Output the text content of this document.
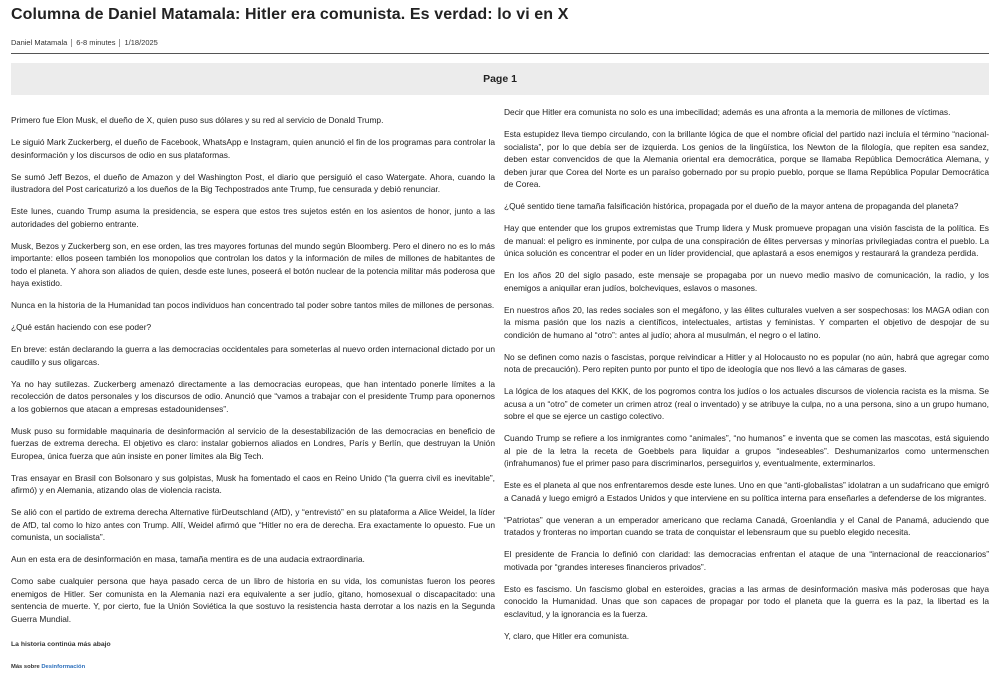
Columna de Daniel Matamala: Hitler era comunista. Es verdad: lo vi en X
Daniel Matamala 6-8 minutes 1/18/2025
Page 1

Primero fue Elon Musk, el dueño de X, quien puso sus dólares y su red al servicio de Donald Trump.

Le siguió Mark Zuckerberg, el dueño de Facebook, WhatsApp e Instagram, quien anunció el fin de los programas para controlar la desinformación y los discursos de odio en sus plataformas.

Se sumó Jeff Bezos, el dueño de Amazon y del Washington Post, el diario que persiguió el caso Watergate. Ahora, cuando la ilustradora del Post caricaturizó a los dueños de la Big Techpostrados ante Trump, fue censurada y debió renunciar.

Este lunes, cuando Trump asuma la presidencia, se espera que estos tres sujetos estén en los asientos de honor, junto a las autoridades del gobierno entrante.

Musk, Bezos y Zuckerberg son, en ese orden, las tres mayores fortunas del mundo según Bloomberg. Pero el dinero no es lo más importante: ellos poseen también los monopolios que controlan los datos y la información de miles de millones de habitantes de todo el planeta. Y ahora son aliados de quien, desde este lunes, poseerá el botón nuclear de la potencia militar más poderosa que haya existido.

Nunca en la historia de la Humanidad tan pocos individuos han concentrado tal poder sobre tantos miles de millones de personas.

¿Qué están haciendo con ese poder?

En breve: están declarando la guerra a las democracias occidentales para someterlas al nuevo orden internacional dictado por un caudillo y sus oligarcas.

Ya no hay sutilezas. Zuckerberg amenazó directamente a las democracias europeas, que han intentado ponerle límites a la recolección de datos personales y los discursos de odio. Anunció que “vamos a trabajar con el presidente Trump para oponernos a los gobiernos que atacan a empresas estadounidenses”.

Musk puso su formidable maquinaria de desinformación al servicio de la desestabilización de las democracias en beneficio de fuerzas de extrema derecha. El objetivo es claro: instalar gobiernos aliados en Londres, París y Berlín, que destruyan la Unión Europea, única fuerza que aún insiste en poner límites ala Big Tech.

Tras ensayar en Brasil con Bolsonaro y sus golpistas, Musk ha fomentado el caos en Reino Unido (“la guerra civil es inevitable”, afirmó) y en Alemania, atizando olas de violencia racista.

Se alió con el partido de extrema derecha Alternative fürDeutschland (AfD), y “entrevistó” en su plataforma a Alice Weidel, la líder de AfD, tal como lo hizo antes con Trump. Allí, Weidel afirmó que “Hitler no era de derecha. Era exactamente lo opuesto. Fue un comunista, un socialista”.

Aun en esta era de desinformación en masa, tamaña mentira es de una audacia extraordinaria.

Como sabe cualquier persona que haya pasado cerca de un libro de historia en su vida, los comunistas fueron los peores enemigos de Hitler. Ser comunista en la Alemania nazi era equivalente a ser judío, gitano, homosexual o discapacitado: una sentencia de muerte. Y, por cierto, fue la Unión Soviética la que sostuvo la resistencia hasta derrotar a los nazis en la Segunda Guerra Mundial.

La historia continúa más abajo

Más sobre Desinformación

Decir que Hitler era comunista no solo es una imbecilidad; además es una afronta a la memoria de millones de víctimas.

Esta estupidez lleva tiempo circulando, con la brillante lógica de que el nombre oficial del partido nazi incluía el término “nacional-socialista”, por lo que debía ser de izquierda. Los genios de la lingüística, los Newton de la filología, que repiten esa sandez, deben estar convencidos de que la Alemania oriental era democrática, porque se llamaba República Democrática Alemana, y deben jurar que Corea del Norte es un paraíso gobernado por su propio pueblo, porque se llama República Popular Democrática de Corea.

¿Qué sentido tiene tamaña falsificación histórica, propagada por el dueño de la mayor antena de propaganda del planeta?

Hay que entender que los grupos extremistas que Trump lidera y Musk promueve propagan una visión fascista de la política. Es de manual: el peligro es inminente, por culpa de una conspiración de élites perversas y minorías privilegiadas contra el pueblo. La única solución es concentrar el poder en un líder providencial, que aplastará a esos enemigos y restaurará la grandeza perdida.

En los años 20 del siglo pasado, este mensaje se propagaba por un nuevo medio masivo de comunicación, la radio, y los enemigos a aniquilar eran judíos, bolcheviques, eslavos o masones.

En nuestros años 20, las redes sociales son el megáfono, y las élites culturales vuelven a ser sospechosas: los MAGA odian con la misma pasión que los nazis a científicos, intelectuales, artistas y feministas. Y comparten el objetivo de despojar de su condición de humano al “otro”: antes al judío; ahora al musulmán, el negro o el latino.

No se definen como nazis o fascistas, porque reivindicar a Hitler y al Holocausto no es popular (no aún, habrá que agregar como nota de precaución). Pero repiten punto por punto el tipo de ideología que nos llevó a las cámaras de gases.

La lógica de los ataques del KKK, de los pogromos contra los judíos o los actuales discursos de violencia racista es la misma. Se acusa a un “otro” de cometer un crimen atroz (real o inventado) y se atribuye la culpa, no a una persona, sino a un grupo humano, sobre el que se ejerce un castigo colectivo.

Cuando Trump se refiere a los inmigrantes como “animales”, “no humanos” e inventa que se comen las mascotas, está siguiendo al pie de la letra la receta de Goebbels para liquidar a grupos “indeseables”. Deshumanizarlos como untermenschen (infrahumanos) fue el primer paso para discriminarlos, perseguirlos y, eventualmente, exterminarlos.

Este es el planeta al que nos enfrentaremos desde este lunes. Uno en que “anti-globalistas” idolatran a un sudafricano que emigró a Canadá y luego emigró a Estados Unidos y que interviene en su política interna para enseñarles a defenderse de los migrantes.

“Patriotas” que veneran a un emperador americano que reclama Canadá, Groenlandia y el Canal de Panamá, aduciendo que tratados y fronteras no importan cuando se trata de conquistar el lebensraum que su pueblo elegido necesita.

El presidente de Francia lo definió con claridad: las democracias enfrentan el ataque de una “internacional de reaccionarios” motivada por “grandes intereses financieros privados”.

Esto es fascismo. Un fascismo global en esteroides, gracias a las armas de desinformación masiva más poderosas que haya conocido la Humanidad. Unas que son capaces de propagar por todo el planeta que la guerra es la paz, la libertad es la esclavitud, y la ignorancia es la fuerza.

Y, claro, que Hitler era comunista.
